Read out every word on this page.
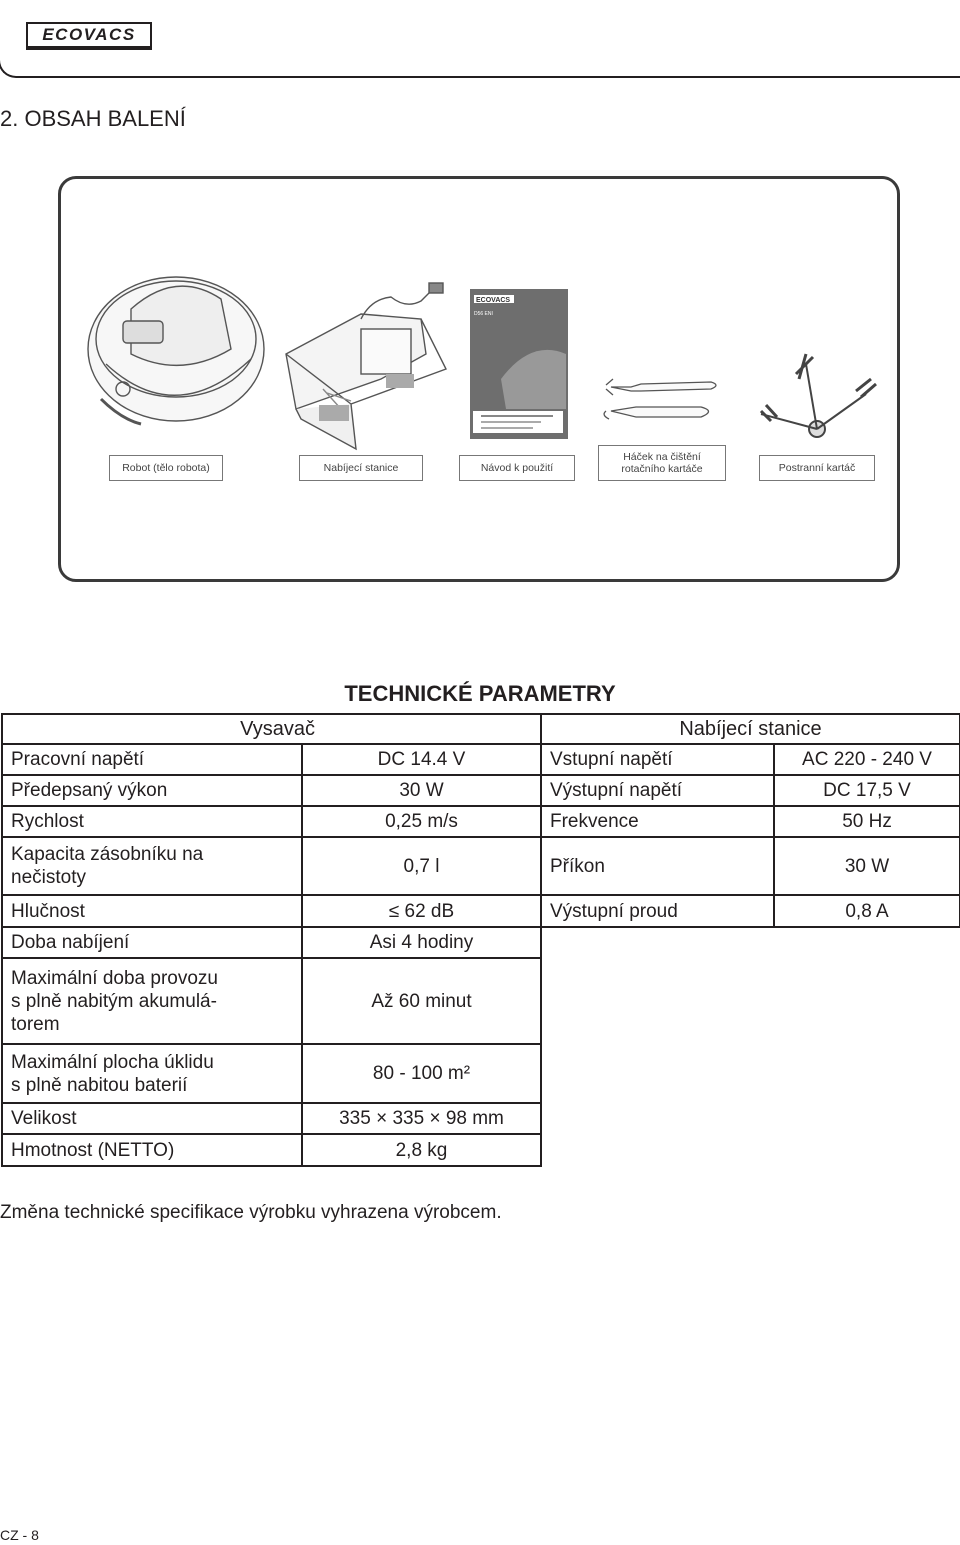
ECOVACS
2. OBSAH BALENÍ
ECOVACS
D56 ENI
Robot (tělo robota)	Nabíjecí stanice	Návod k použití
Háček na čištění
rotačního kartáče	Postranní kartáč
TECHNICKÉ PARAMETRY
Vysavač		Nabíjecí stanice	
Pracovní napětí	DC 14.4 V	Vstupní napětí	AC 220 - 240 V
Předepsaný výkon	30 W	Výstupní napětí	DC 17,5 V
Rychlost	0,25 m/s	Frekvence	50 Hz

Kapacita zásobníku na
nečistoty	0,7 l	Příkon	30 W
Hlučnost	≤ 62 dB	Výstupní proud	0,8 A
Doba nabíjení	Asi 4 hodiny		

Maximální doba provozu
s plně nabitým akumulá-
torem	Až 60 minut		

Maximální plocha úklidu
s plně nabitou baterií	80 - 100 m²		
Velikost	335 × 335 × 98 mm		
Hmotnost (NETTO)	2,8 kg		
Změna technické specifikace výrobku vyhrazena výrobcem.
CZ - 8
